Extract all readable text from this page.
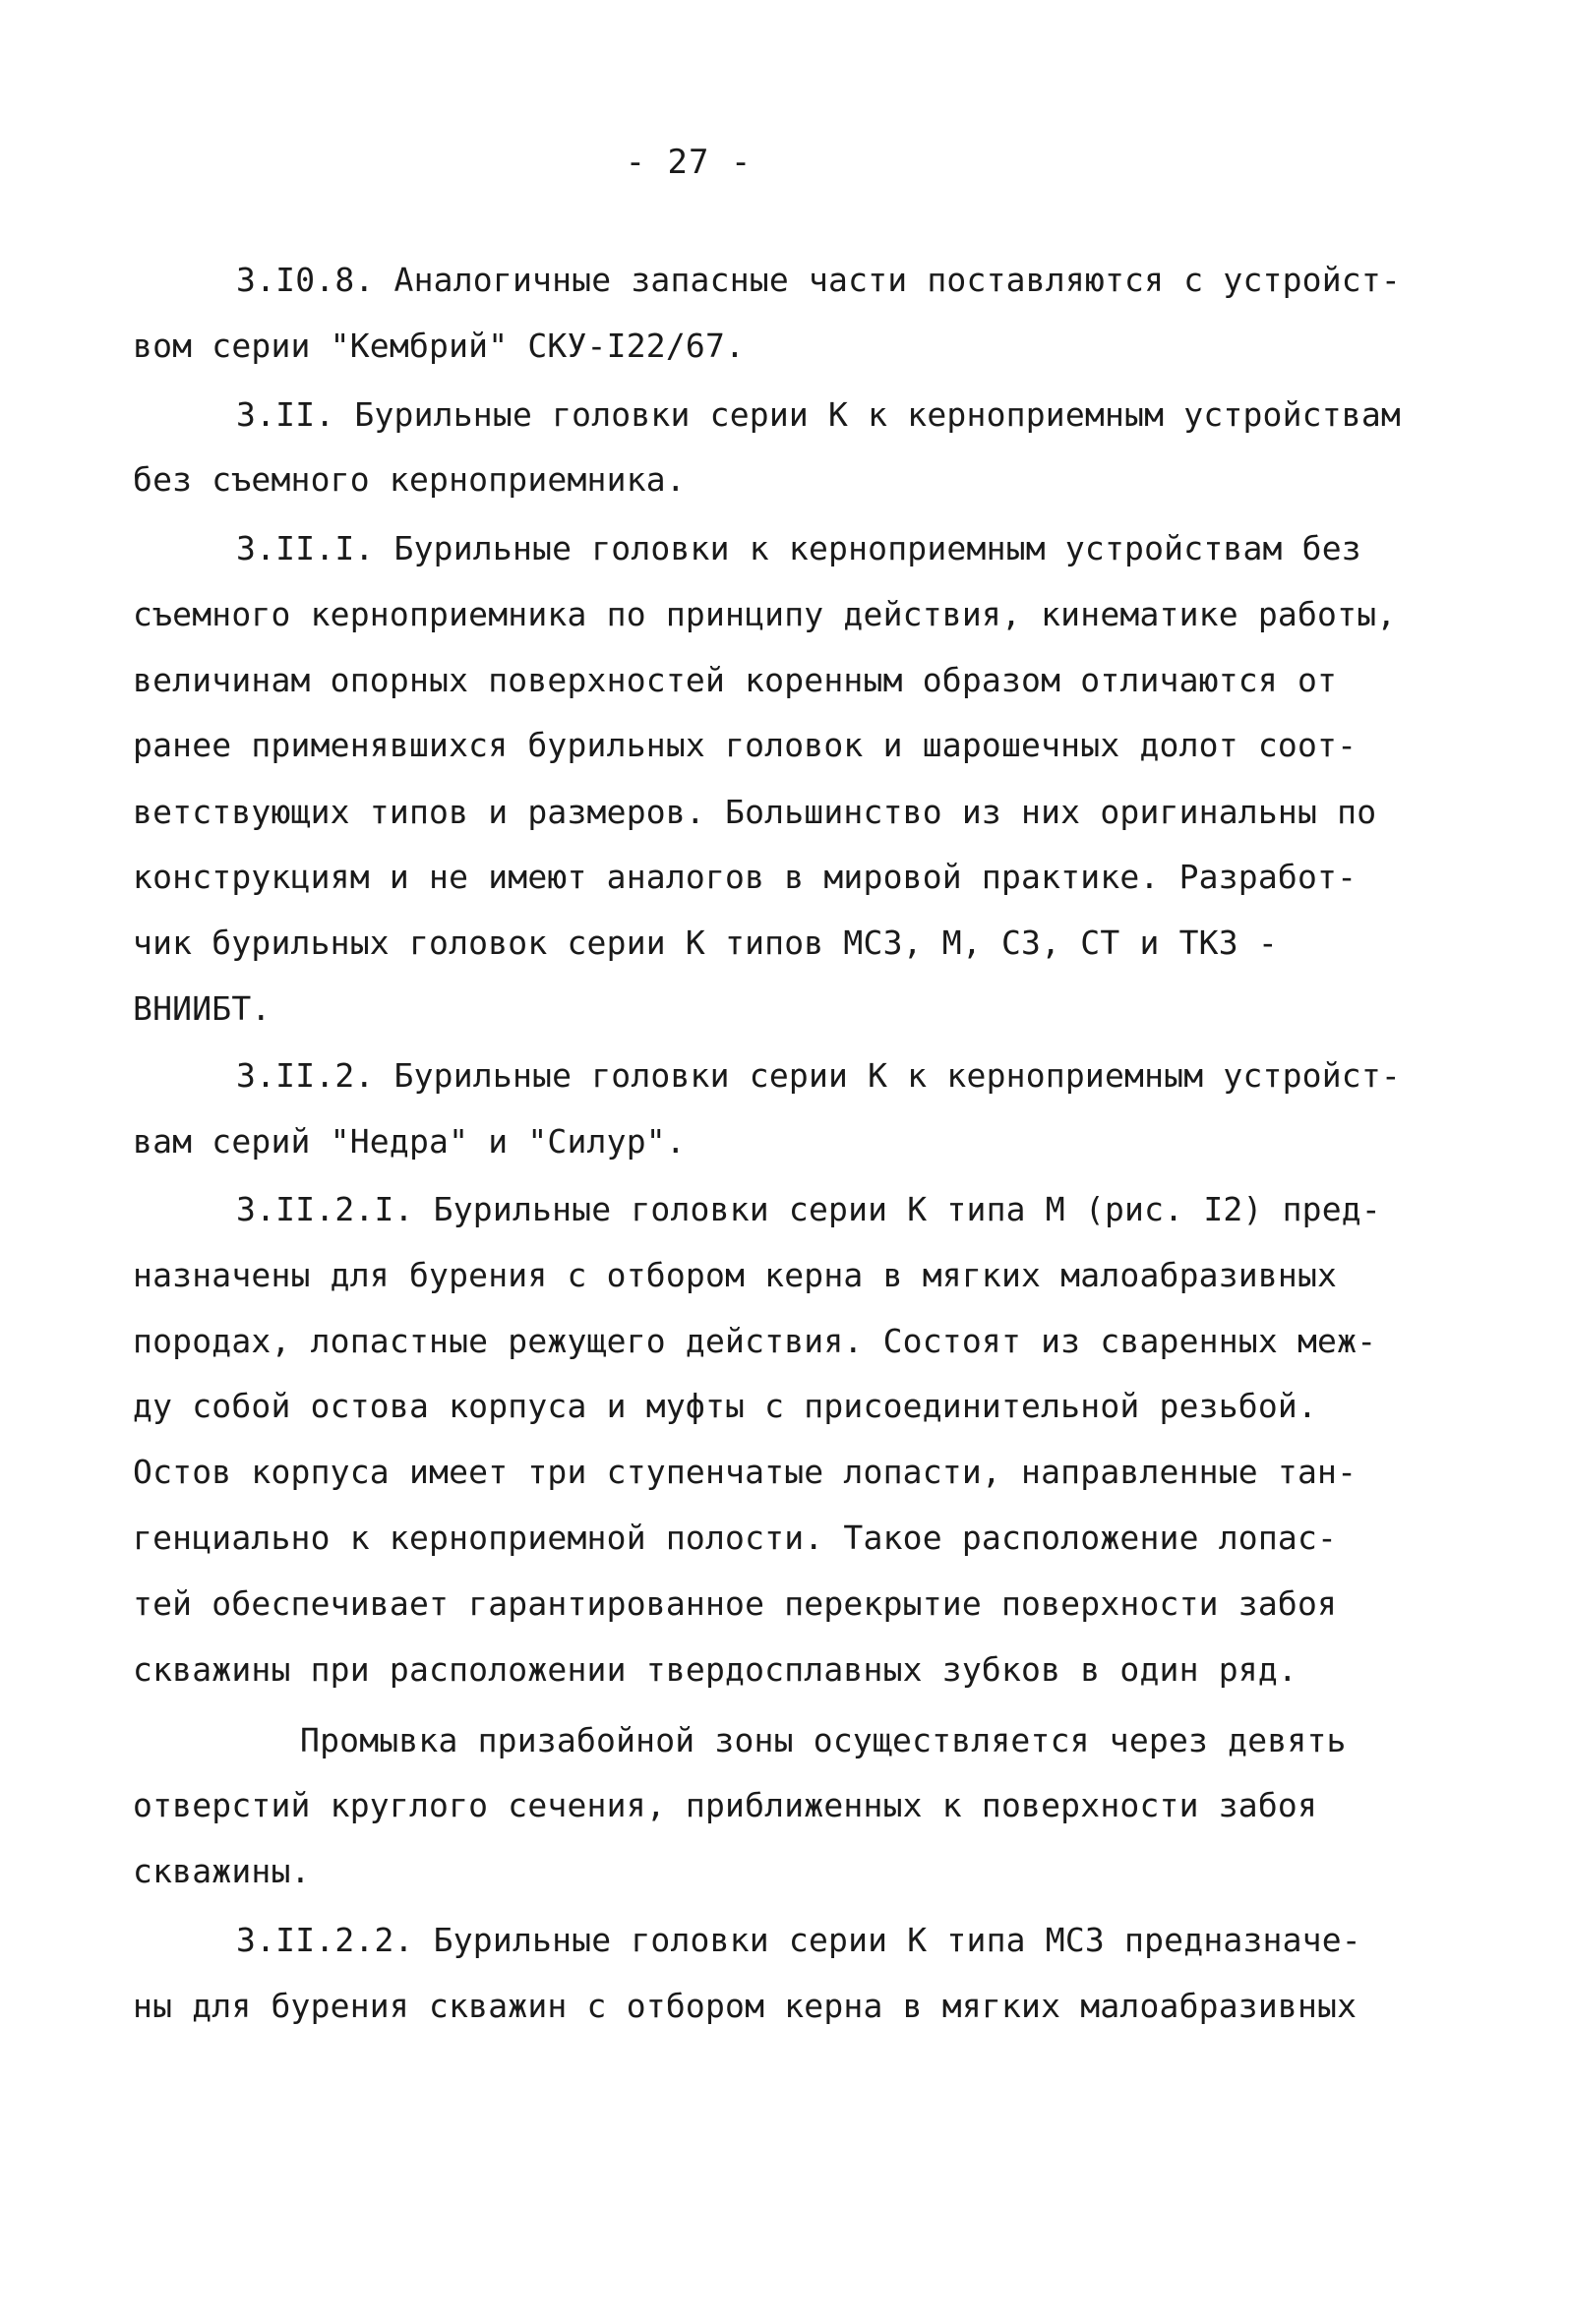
- 27 -
3.I0.8. Аналогичные запасные части поставляются с устройст-
вом серии "Кембрий" СКУ-I22/67.
3.II. Бурильные головки серии К к керноприемным устройствам
без съемного керноприемника.
3.II.I. Бурильные головки к керноприемным устройствам без
съемного керноприемника по принципу действия, кинематике работы,
величинам опорных поверхностей коренным образом отличаются от
ранее применявшихся бурильных головок и шарошечных долот соот-
ветствующих типов и размеров. Большинство из них оригинальны по
конструкциям и не имеют аналогов в мировой практике. Разработ-
чик бурильных головок серии К типов МСЗ, М, СЗ, СТ и ТКЗ -
ВНИИБТ.
3.II.2. Бурильные головки серии К к керноприемным устройст-
вам серий "Недра" и "Силур".
3.II.2.I. Бурильные головки серии К типа М (рис. I2) пред-
назначены для бурения с отбором керна в мягких малоабразивных
породах, лопастные режущего действия. Состоят из сваренных меж-
ду собой остова корпуса и муфты с присоединительной резьбой.
Остов корпуса имеет три ступенчатые лопасти, направленные тан-
генциально к керноприемной полости. Такое расположение лопас-
тей обеспечивает гарантированное перекрытие поверхности забоя
скважины при расположении твердосплавных зубков в один ряд.
Промывка призабойной зоны осуществляется через девять
отверстий круглого сечения, приближенных к поверхности забоя
скважины.
3.II.2.2. Бурильные головки серии К типа МСЗ предназначе-
ны для бурения скважин с отбором керна в мягких малоабразивных
